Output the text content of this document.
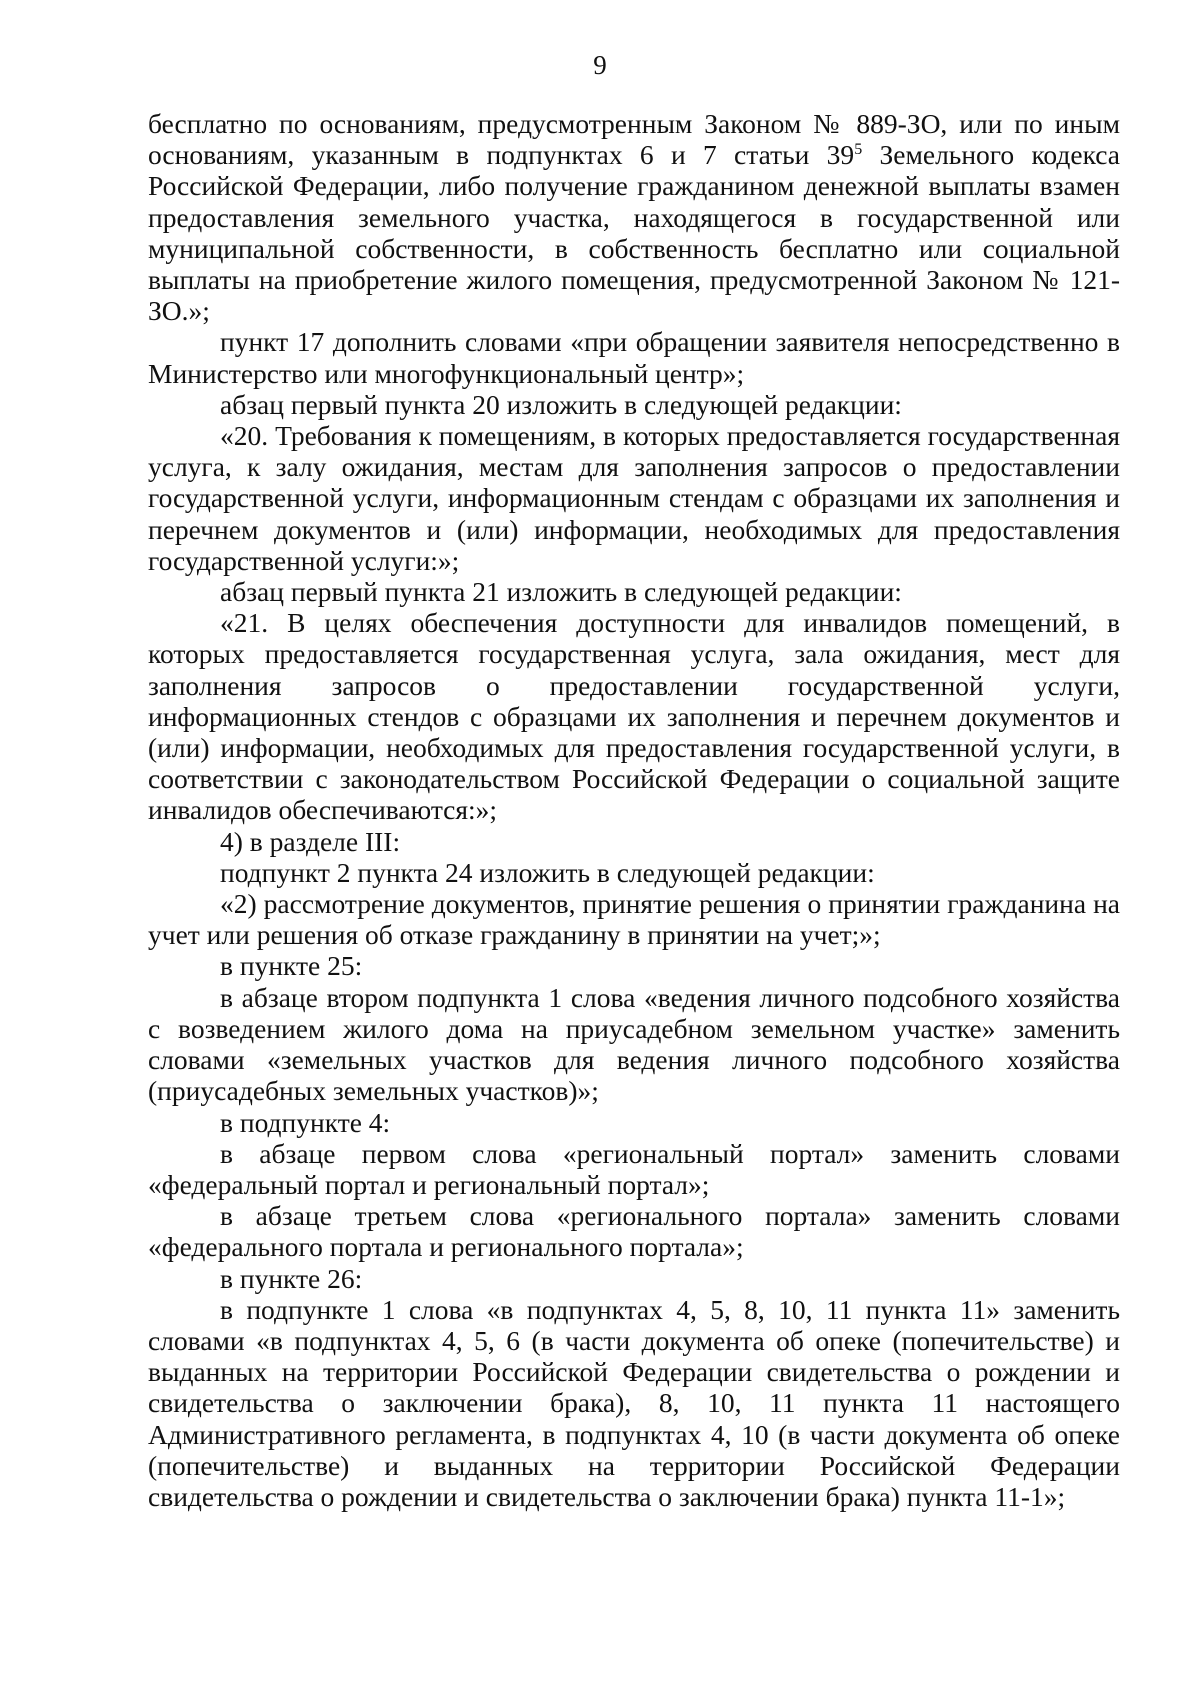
9

бесплатно по основаниям, предусмотренным Законом № 889-ЗО, или по иным основаниям, указанным в подпунктах 6 и 7 статьи $39^5$ Земельного кодекса Российской Федерации, либо получение гражданином денежной выплаты взамен предоставления земельного участка, находящегося в государственной или муниципальной собственности, в собственность бесплатно или социальной выплаты на приобретение жилого помещения, предусмотренной Законом № 121-ЗО.»;

пункт 17 дополнить словами «при обращении заявителя непосредственно в Министерство или многофункциональный центр»;

абзац первый пункта 20 изложить в следующей редакции:

«20. Требования к помещениям, в которых предоставляется государственная услуга, к залу ожидания, местам для заполнения запросов о предоставлении государственной услуги, информационным стендам с образцами их заполнения и перечнем документов и (или) информации, необходимых для предоставления государственной услуги:»;

абзац первый пункта 21 изложить в следующей редакции:

«21. В целях обеспечения доступности для инвалидов помещений, в которых предоставляется государственная услуга, зала ожидания, мест для заполнения запросов о предоставлении государственной услуги, информационных стендов с образцами их заполнения и перечнем документов и (или) информации, необходимых для предоставления государственной услуги, в соответствии с законодательством Российской Федерации о социальной защите инвалидов обеспечиваются:»;

4) в разделе III:

подпункт 2 пункта 24 изложить в следующей редакции:

«2) рассмотрение документов, принятие решения о принятии гражданина на учет или решения об отказе гражданину в принятии на учет;»;

в пункте 25:

в абзаце втором подпункта 1 слова «ведения личного подсобного хозяйства с возведением жилого дома на приусадебном земельном участке» заменить словами «земельных участков для ведения личного подсобного хозяйства (приусадебных земельных участков)»;

в подпункте 4:

в абзаце первом слова «региональный портал» заменить словами «федеральный портал и региональный портал»;

в абзаце третьем слова «регионального портала» заменить словами «федерального портала и регионального портала»;

в пункте 26:

в подпункте 1 слова «в подпунктах 4, 5, 8, 10, 11 пункта 11» заменить словами «в подпунктах 4, 5, 6 (в части документа об опеке (попечительстве) и выданных на территории Российской Федерации свидетельства о рождении и свидетельства о заключении брака), 8, 10, 11 пункта 11 настоящего Административного регламента, в подпунктах 4, 10 (в части документа об опеке (попечительстве) и выданных на территории Российской Федерации свидетельства о рождении и свидетельства о заключении брака) пункта 11-1»;
